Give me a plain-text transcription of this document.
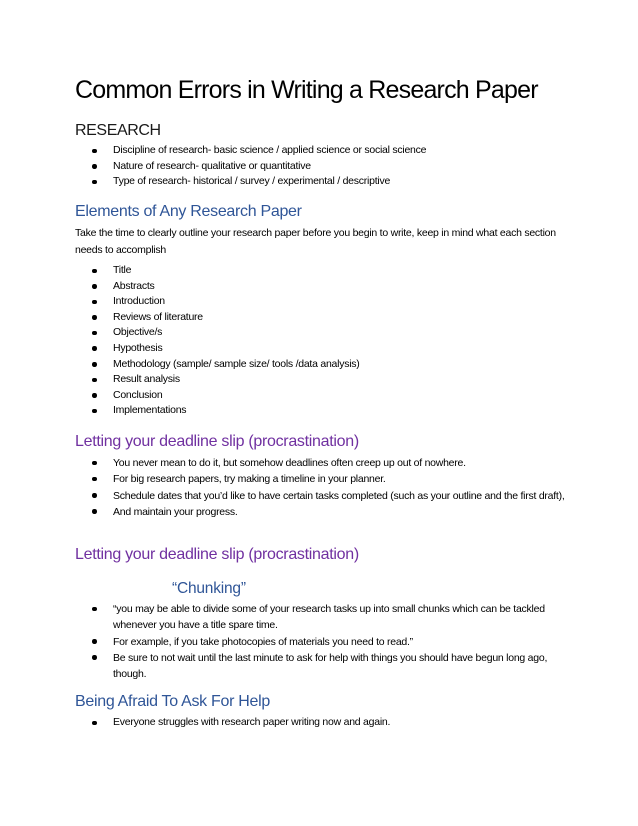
Common Errors in Writing a Research Paper
RESEARCH
Discipline of research- basic science / applied science or social science
Nature of research- qualitative or quantitative
Type of research- historical / survey / experimental / descriptive
Elements of Any Research Paper

Take the time to clearly outline your research paper before you begin to write, keep in mind what each section needs to accomplish

Title
Abstracts
Introduction
Reviews of literature
Objective/s
Hypothesis
Methodology (sample/ sample size/ tools /data analysis)
Result analysis
Conclusion
Implementations
Letting your deadline slip (procrastination)
You never mean to do it, but somehow deadlines often creep up out of nowhere.
For big research papers, try making a timeline in your planner.
Schedule dates that you’d like to have certain tasks completed (such as your outline and the first draft),
And maintain your progress.
Letting your deadline slip (procrastination)
“Chunking”
“you may be able to divide some of your research tasks up into small chunks which can be tackled whenever you have a title spare time.
For example, if you take photocopies of materials you need to read.”
Be sure to not wait until the last minute to ask for help with things you should have begun long ago, though.
Being Afraid To Ask For Help
Everyone struggles with research paper writing now and again.
